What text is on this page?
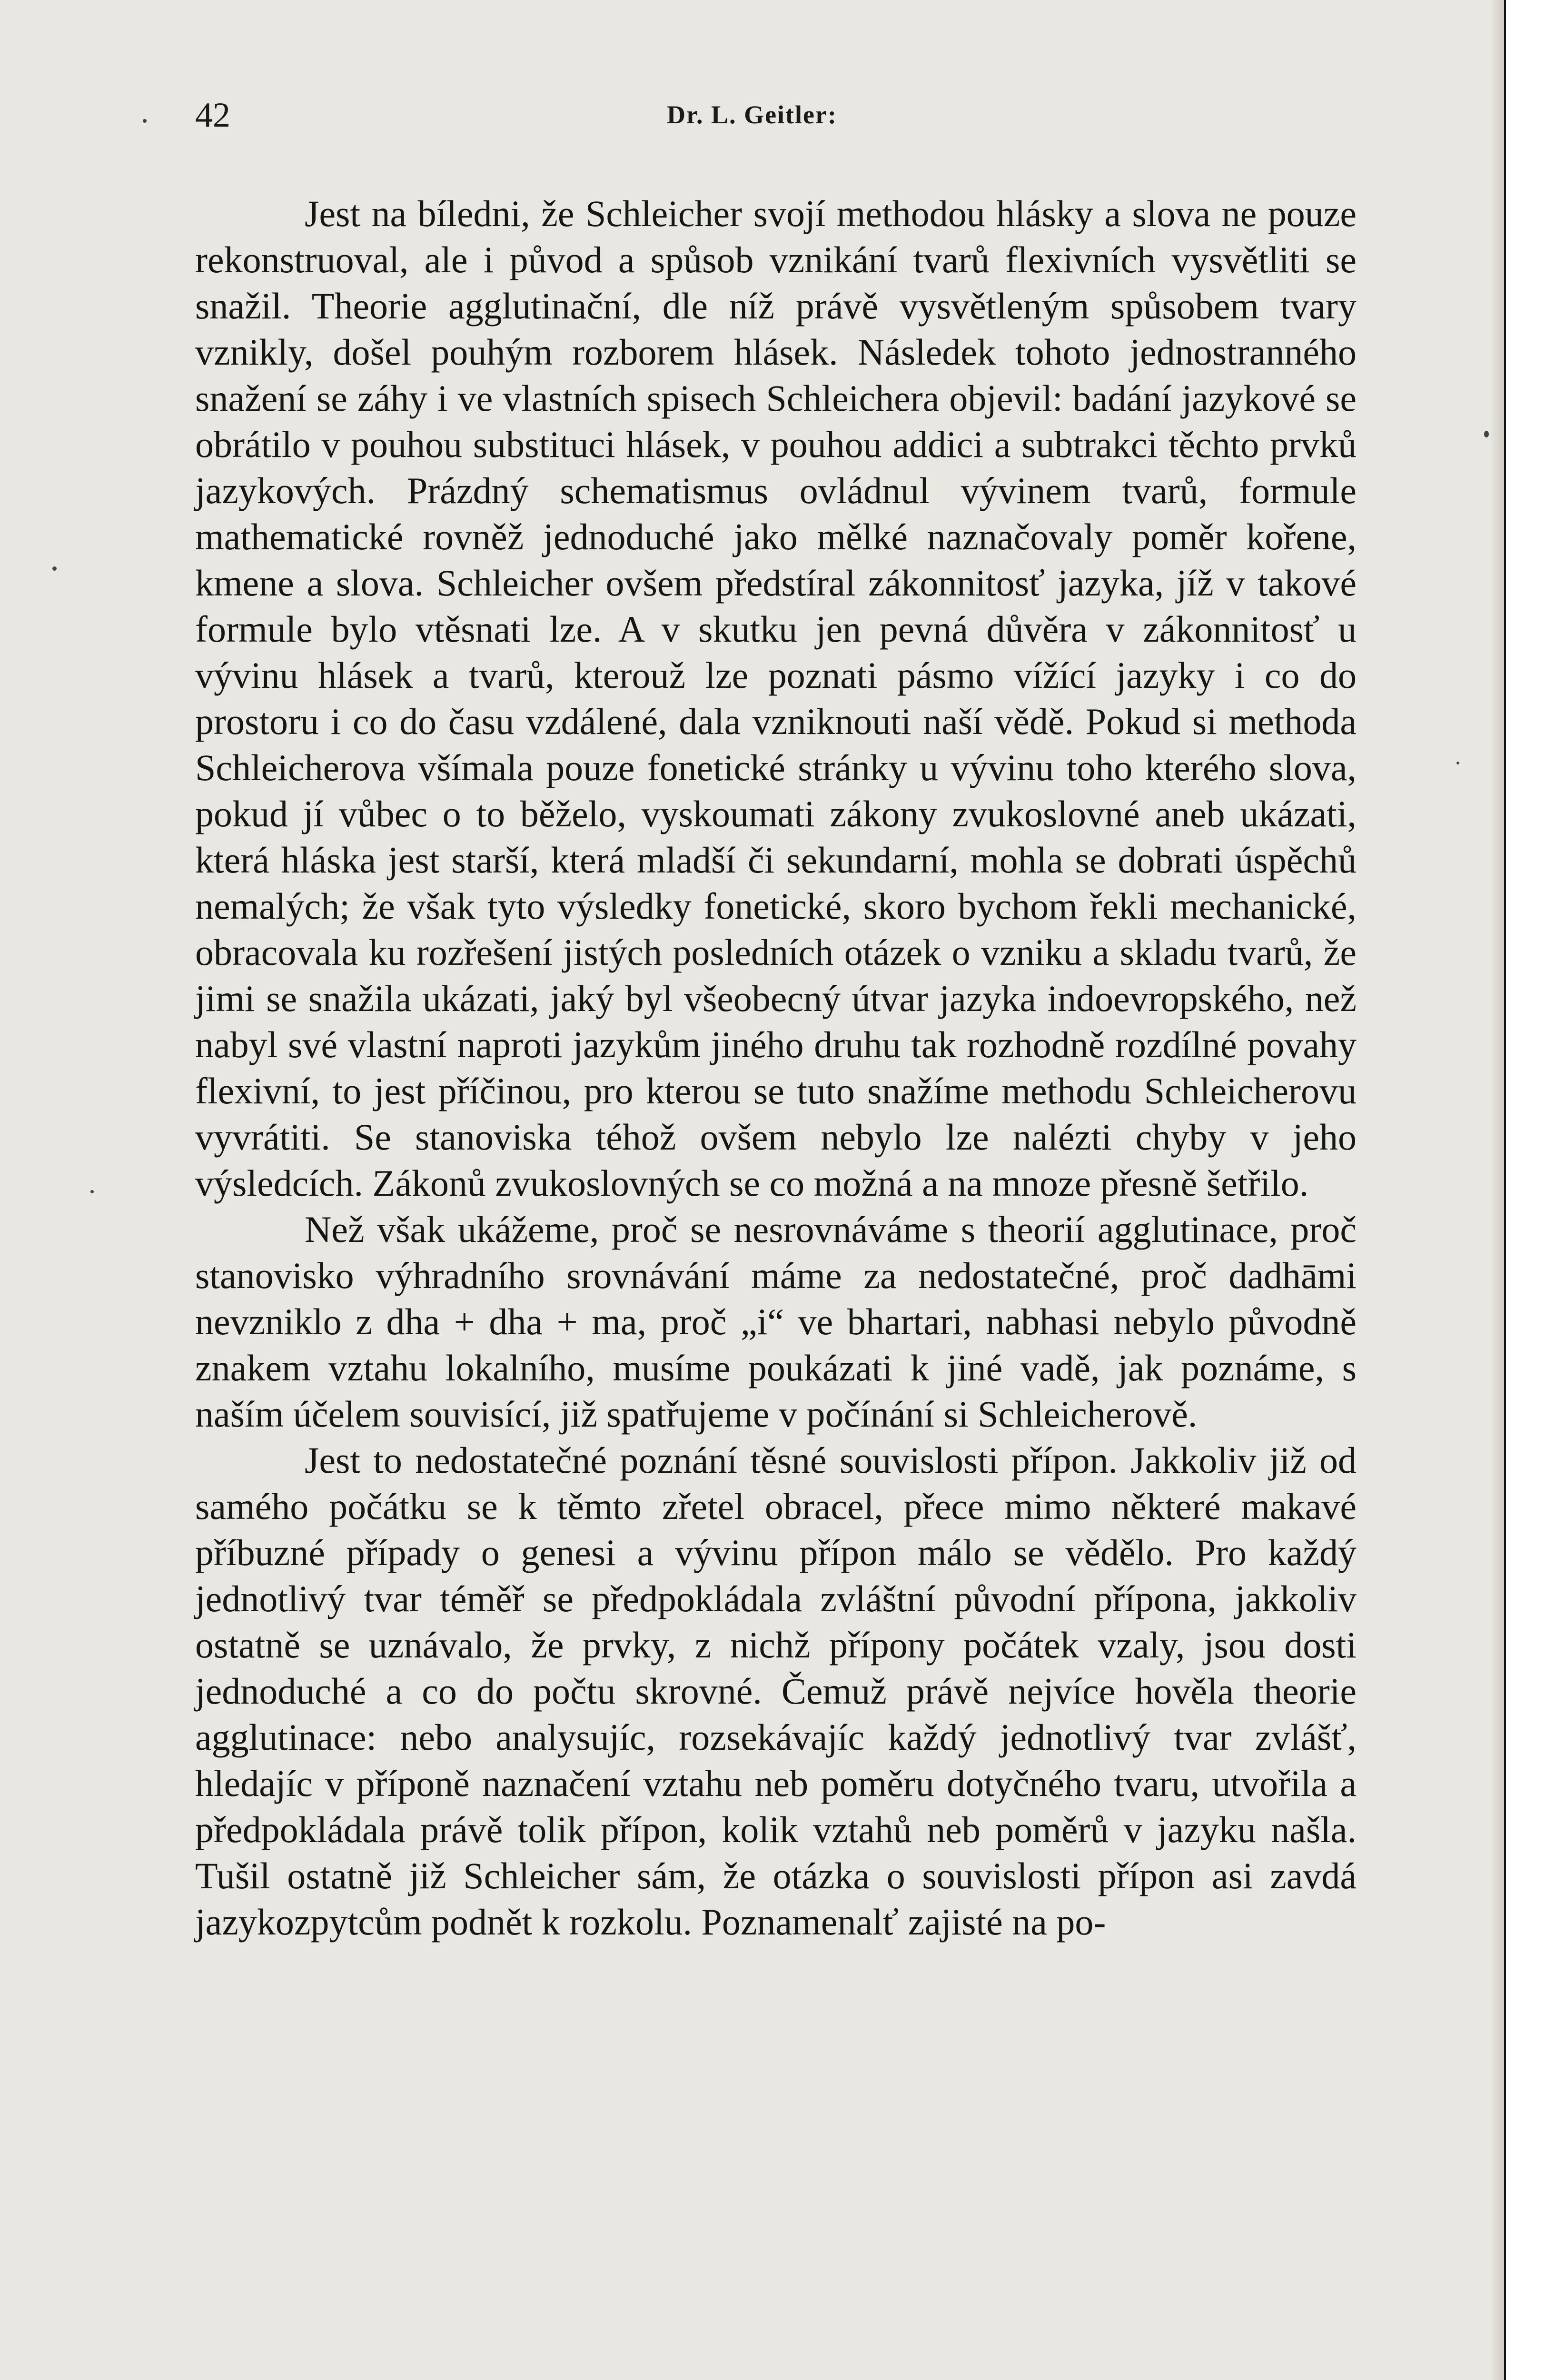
42	Dr. L. Geitler:

Jest na bíledni, že Schleicher svojí methodou hlásky a slova ne pouze rekonstruoval, ale i původ a spůsob vznikání tvarů flexivních vysvětliti se snažil. Theorie agglutinační, dle níž právě vysvětleným spůsobem tvary vznikly, došel pouhým rozborem hlásek. Následek tohoto jednostranného snažení se záhy i ve vlastních spisech Schleichera objevil: badání jazykové se obrátilo v pouhou substituci hlásek, v pouhou addici a subtrakci těchto prvků jazykových. Prázdný schematismus ovládnul vývinem tvarů, formule mathematické rovněž jednoduché jako mělké naznačovaly poměr kořene, kmene a slova. Schleicher ovšem předstíral zákonnitosť jazyka, jíž v takové formule bylo vtěsnati lze. A v skutku jen pevná důvěra v zákonnitosť u vývinu hlásek a tvarů, kterouž lze poznati pásmo vížící jazyky i co do prostoru i co do času vzdálené, dala vzniknouti naší vědě. Pokud si methoda Schleicherova všímala pouze fonetické stránky u vývinu toho kterého slova, pokud jí vůbec o to běželo, vyskoumati zákony zvukoslovné aneb ukázati, která hláska jest starší, která mladší či sekundarní, mohla se dobrati úspěchů nemalých; že však tyto výsledky fonetické, skoro bychom řekli mechanické, obracovala ku rozřešení jistých posledních otázek o vzniku a skladu tvarů, že jimi se snažila ukázati, jaký byl všeobecný útvar jazyka indoevropského, než nabyl své vlastní naproti jazykům jiného druhu tak rozhodně rozdílné povahy flexivní, to jest příčinou, pro kterou se tuto snažíme methodu Schleicherovu vyvrátiti. Se stanoviska téhož ovšem nebylo lze nalézti chyby v jeho výsledcích. Zákonů zvukoslovných se co možná a na mnoze přesně šetřilo.

Než však ukážeme, proč se nesrovnáváme s theorií agglutinace, proč stanovisko výhradního srovnávání máme za nedostatečné, proč dadhāmi nevzniklo z dha + dha + ma, proč „i“ ve bhartari, nabhasi nebylo původně znakem vztahu lokalního, musíme poukázati k jiné vadě, jak poznáme, s naším účelem souvisící, již spatřujeme v počínání si Schleicherově.

Jest to nedostatečné poznání těsné souvislosti přípon. Jakkoliv již od samého počátku se k těmto zřetel obracel, přece mimo některé makavé příbuzné případy o genesi a vývinu přípon málo se vědělo. Pro každý jednotlivý tvar téměř se předpokládala zvláštní původní přípona, jakkoliv ostatně se uznávalo, že prvky, z nichž přípony počátek vzaly, jsou dosti jednoduché a co do počtu skrovné. Čemuž právě nejvíce hověla theorie agglutinace: nebo analysujíc, rozsekávajíc každý jednotlivý tvar zvlášť, hledajíc v příponě naznačení vztahu neb poměru dotyčného tvaru, utvořila a předpokládala právě tolik přípon, kolik vztahů neb poměrů v jazyku našla. Tušil ostatně již Schleicher sám, že otázka o souvislosti přípon asi zavdá jazykozpytcům podnět k rozkolu. Poznamenalť zajisté na po-
